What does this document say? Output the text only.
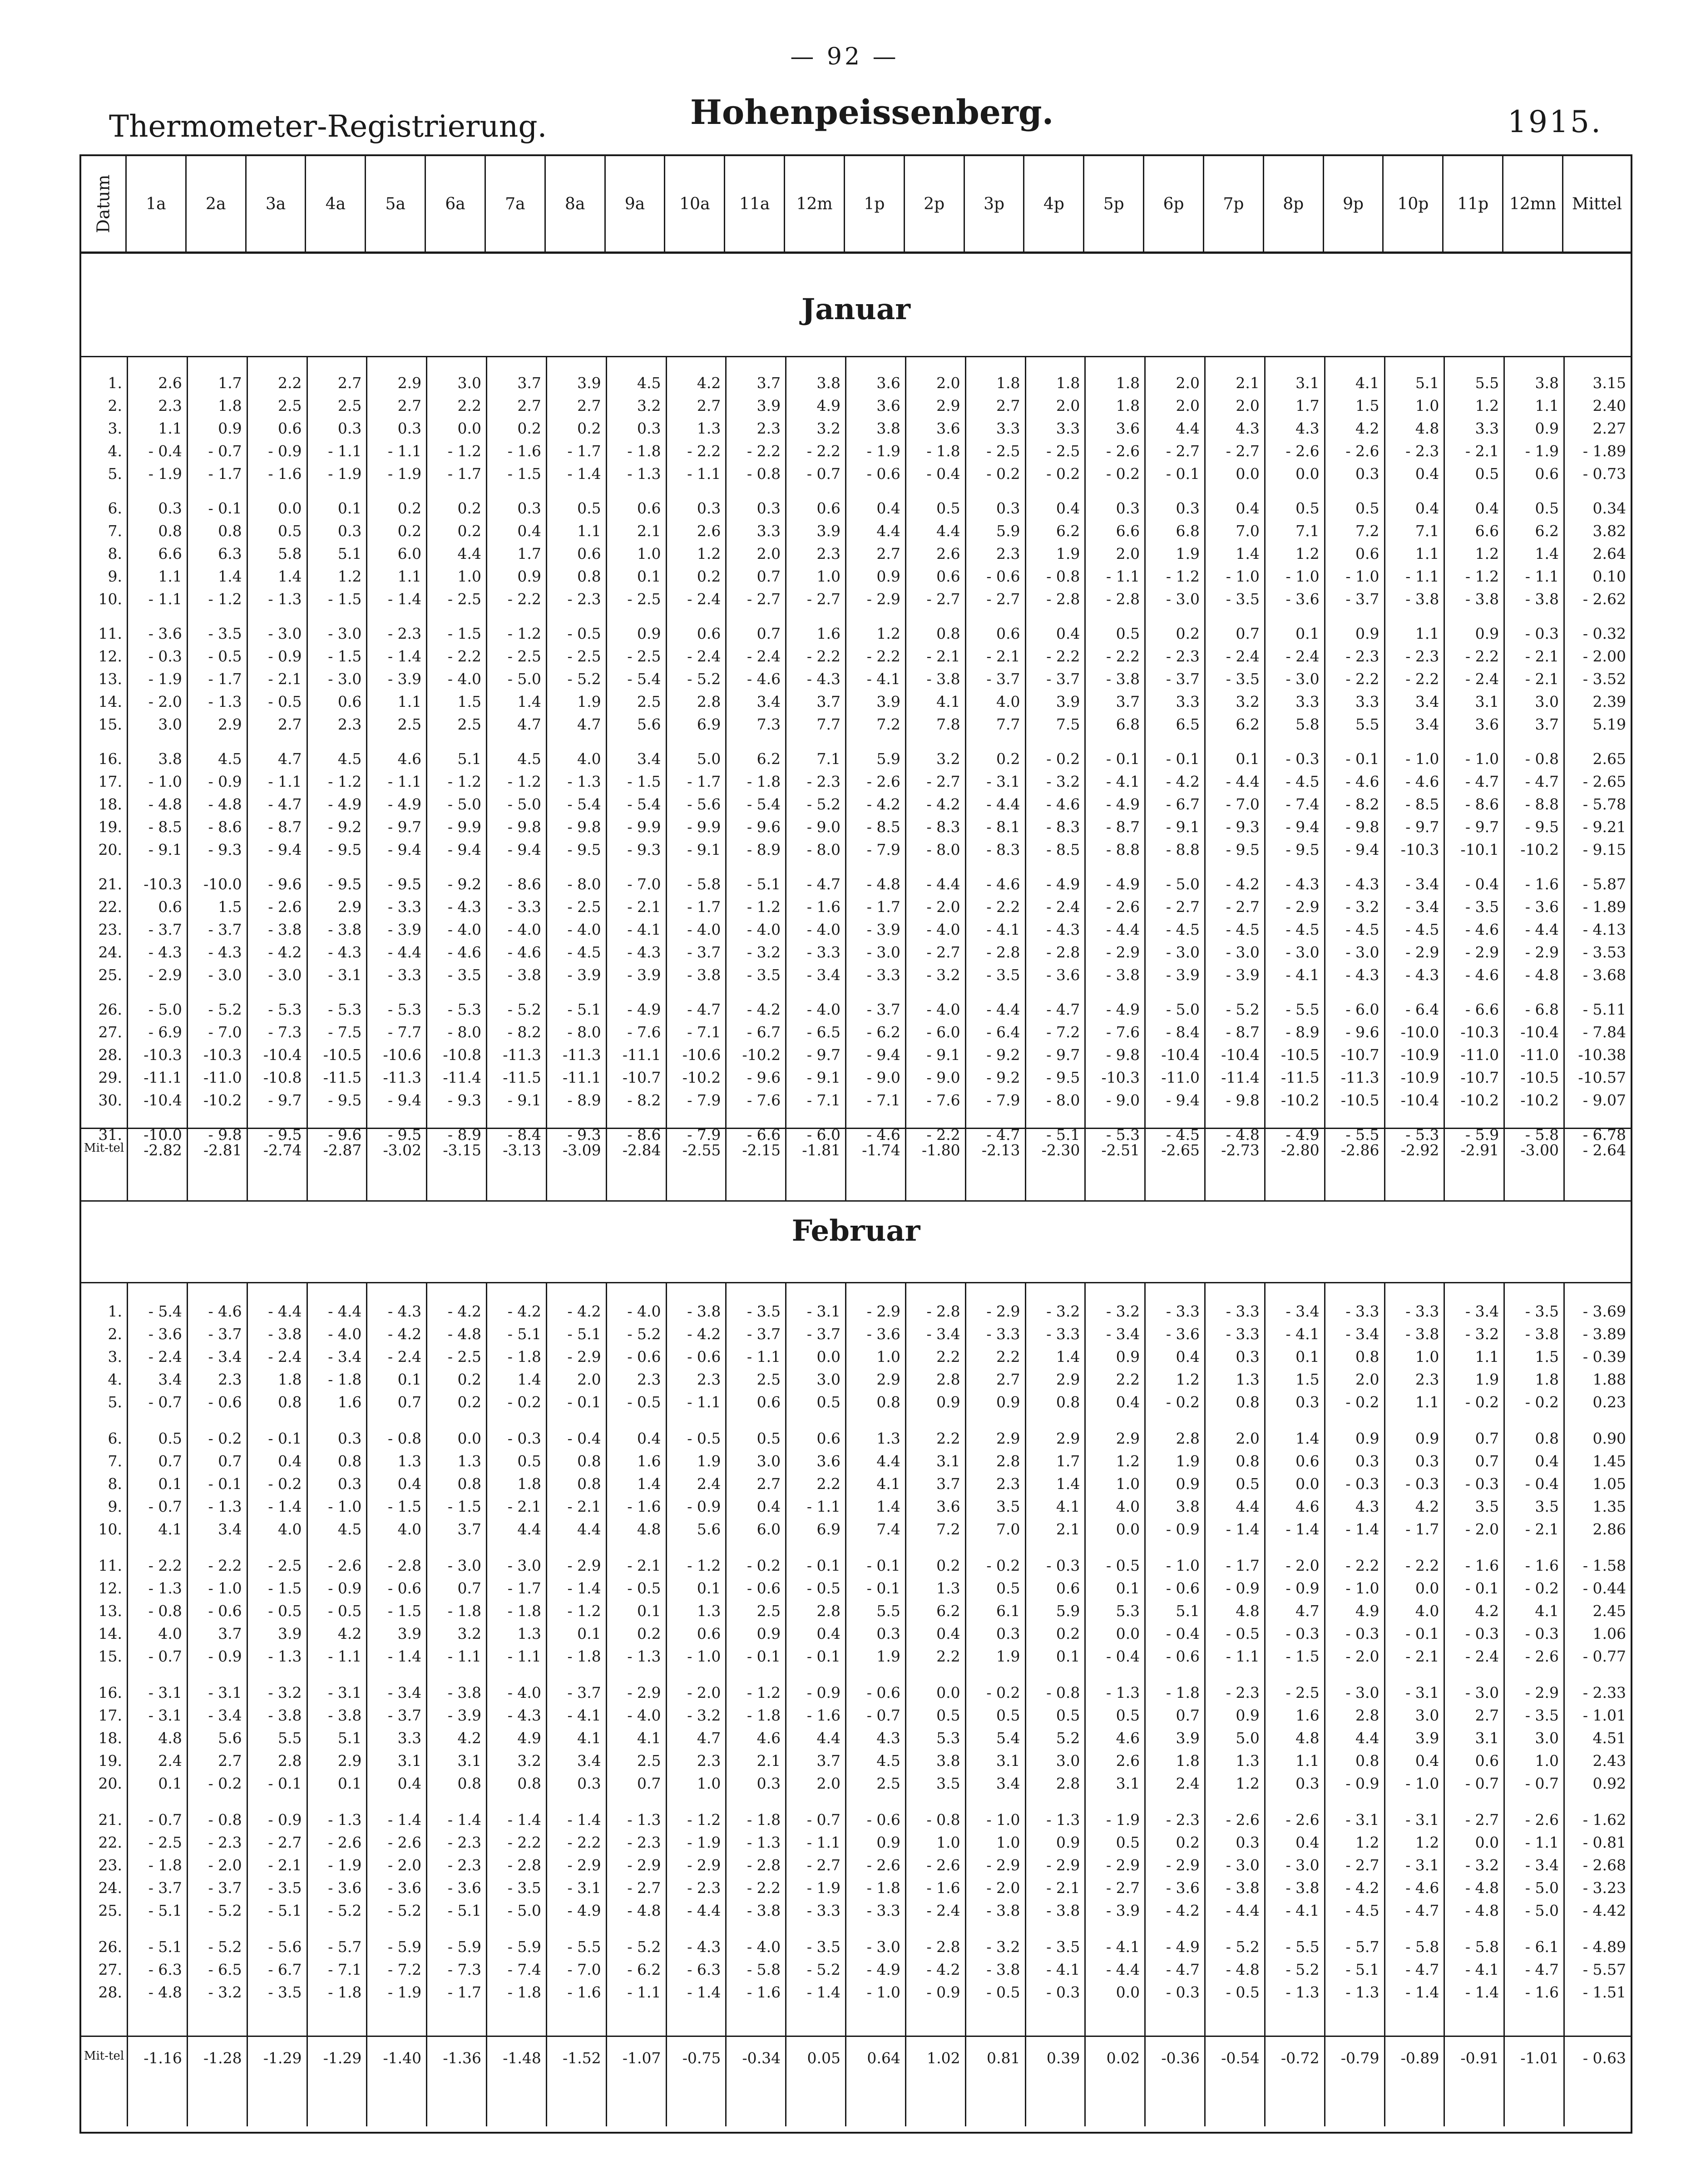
— 92 —
Thermometer-Registrierung.	Hohenpeissenberg.	1915.
Datum 1a 2a 3a 4a 5a 6a 7a 8a 9a 10a 11a 12m 1p 2p 3p 4p 5p 6p 7p 8p 9p 10p 11p 12mn Mittel
Januar
1.	2.6	1.7	2.2	2.7	2.9	3.0	3.7	3.9	4.5	4.2	3.7	3.8	3.6	2.0	1.8	1.8	1.8	2.0	2.1	3.1	4.1	5.1	5.5	3.8	3.15
2.	2.3	1.8	2.5	2.5	2.7	2.2	2.7	2.7	3.2	2.7	3.9	4.9	3.6	2.9	2.7	2.0	1.8	2.0	2.0	1.7	1.5	1.0	1.2	1.1	2.40
3.	1.1	0.9	0.6	0.3	0.3	0.0	0.2	0.2	0.3	1.3	2.3	3.2	3.8	3.6	3.3	3.3	3.6	4.4	4.3	4.3	4.2	4.8	3.3	0.9	2.27
4.	- 0.4	- 0.7	- 0.9	- 1.1	- 1.1	- 1.2	- 1.6	- 1.7	- 1.8	- 2.2	- 2.2	- 2.2	- 1.9	- 1.8	- 2.5	- 2.5	- 2.6	- 2.7	- 2.7	- 2.6	- 2.6	- 2.3	- 2.1	- 1.9	- 1.89
5.	- 1.9	- 1.7	- 1.6	- 1.9	- 1.9	- 1.7	- 1.5	- 1.4	- 1.3	- 1.1	- 0.8	- 0.7	- 0.6	- 0.4	- 0.2	- 0.2	- 0.2	- 0.1	0.0	0.0	0.3	0.4	0.5	0.6	- 0.73
6.	0.3	- 0.1	0.0	0.1	0.2	0.2	0.3	0.5	0.6	0.3	0.3	0.6	0.4	0.5	0.3	0.4	0.3	0.3	0.4	0.5	0.5	0.4	0.4	0.5	0.34
7.	0.8	0.8	0.5	0.3	0.2	0.2	0.4	1.1	2.1	2.6	3.3	3.9	4.4	4.4	5.9	6.2	6.6	6.8	7.0	7.1	7.2	7.1	6.6	6.2	3.82
8.	6.6	6.3	5.8	5.1	6.0	4.4	1.7	0.6	1.0	1.2	2.0	2.3	2.7	2.6	2.3	1.9	2.0	1.9	1.4	1.2	0.6	1.1	1.2	1.4	2.64
9.	1.1	1.4	1.4	1.2	1.1	1.0	0.9	0.8	0.1	0.2	0.7	1.0	0.9	0.6	- 0.6	- 0.8	- 1.1	- 1.2	- 1.0	- 1.0	- 1.0	- 1.1	- 1.2	- 1.1	0.10
10.	- 1.1	- 1.2	- 1.3	- 1.5	- 1.4	- 2.5	- 2.2	- 2.3	- 2.5	- 2.4	- 2.7	- 2.7	- 2.9	- 2.7	- 2.7	- 2.8	- 2.8	- 3.0	- 3.5	- 3.6	- 3.7	- 3.8	- 3.8	- 3.8	- 2.62
11.	- 3.6	- 3.5	- 3.0	- 3.0	- 2.3	- 1.5	- 1.2	- 0.5	0.9	0.6	0.7	1.6	1.2	0.8	0.6	0.4	0.5	0.2	0.7	0.1	0.9	1.1	0.9	- 0.3	- 0.32
12.	- 0.3	- 0.5	- 0.9	- 1.5	- 1.4	- 2.2	- 2.5	- 2.5	- 2.5	- 2.4	- 2.4	- 2.2	- 2.2	- 2.1	- 2.1	- 2.2	- 2.2	- 2.3	- 2.4	- 2.4	- 2.3	- 2.3	- 2.2	- 2.1	- 2.00
13.	- 1.9	- 1.7	- 2.1	- 3.0	- 3.9	- 4.0	- 5.0	- 5.2	- 5.4	- 5.2	- 4.6	- 4.3	- 4.1	- 3.8	- 3.7	- 3.7	- 3.8	- 3.7	- 3.5	- 3.0	- 2.2	- 2.2	- 2.4	- 2.1	- 3.52
14.	- 2.0	- 1.3	- 0.5	0.6	1.1	1.5	1.4	1.9	2.5	2.8	3.4	3.7	3.9	4.1	4.0	3.9	3.7	3.3	3.2	3.3	3.3	3.4	3.1	3.0	2.39
15.	3.0	2.9	2.7	2.3	2.5	2.5	4.7	4.7	5.6	6.9	7.3	7.7	7.2	7.8	7.7	7.5	6.8	6.5	6.2	5.8	5.5	3.4	3.6	3.7	5.19
16.	3.8	4.5	4.7	4.5	4.6	5.1	4.5	4.0	3.4	5.0	6.2	7.1	5.9	3.2	0.2	- 0.2	- 0.1	- 0.1	0.1	- 0.3	- 0.1	- 1.0	- 1.0	- 0.8	2.65
17.	- 1.0	- 0.9	- 1.1	- 1.2	- 1.1	- 1.2	- 1.2	- 1.3	- 1.5	- 1.7	- 1.8	- 2.3	- 2.6	- 2.7	- 3.1	- 3.2	- 4.1	- 4.2	- 4.4	- 4.5	- 4.6	- 4.6	- 4.7	- 4.7	- 2.65
18.	- 4.8	- 4.8	- 4.7	- 4.9	- 4.9	- 5.0	- 5.0	- 5.4	- 5.4	- 5.6	- 5.4	- 5.2	- 4.2	- 4.2	- 4.4	- 4.6	- 4.9	- 6.7	- 7.0	- 7.4	- 8.2	- 8.5	- 8.6	- 8.8	- 5.78
19.	- 8.5	- 8.6	- 8.7	- 9.2	- 9.7	- 9.9	- 9.8	- 9.8	- 9.9	- 9.9	- 9.6	- 9.0	- 8.5	- 8.3	- 8.1	- 8.3	- 8.7	- 9.1	- 9.3	- 9.4	- 9.8	- 9.7	- 9.7	- 9.5	- 9.21
20.	- 9.1	- 9.3	- 9.4	- 9.5	- 9.4	- 9.4	- 9.4	- 9.5	- 9.3	- 9.1	- 8.9	- 8.0	- 7.9	- 8.0	- 8.3	- 8.5	- 8.8	- 8.8	- 9.5	- 9.5	- 9.4	-10.3	-10.1	-10.2	- 9.15
21.	-10.3	-10.0	- 9.6	- 9.5	- 9.5	- 9.2	- 8.6	- 8.0	- 7.0	- 5.8	- 5.1	- 4.7	- 4.8	- 4.4	- 4.6	- 4.9	- 4.9	- 5.0	- 4.2	- 4.3	- 4.3	- 3.4	- 0.4	- 1.6	- 5.87
22.	0.6	1.5	- 2.6	2.9	- 3.3	- 4.3	- 3.3	- 2.5	- 2.1	- 1.7	- 1.2	- 1.6	- 1.7	- 2.0	- 2.2	- 2.4	- 2.6	- 2.7	- 2.7	- 2.9	- 3.2	- 3.4	- 3.5	- 3.6	- 1.89
23.	- 3.7	- 3.7	- 3.8	- 3.8	- 3.9	- 4.0	- 4.0	- 4.0	- 4.1	- 4.0	- 4.0	- 4.0	- 3.9	- 4.0	- 4.1	- 4.3	- 4.4	- 4.5	- 4.5	- 4.5	- 4.5	- 4.5	- 4.6	- 4.4	- 4.13
24.	- 4.3	- 4.3	- 4.2	- 4.3	- 4.4	- 4.6	- 4.6	- 4.5	- 4.3	- 3.7	- 3.2	- 3.3	- 3.0	- 2.7	- 2.8	- 2.8	- 2.9	- 3.0	- 3.0	- 3.0	- 3.0	- 2.9	- 2.9	- 2.9	- 3.53
25.	- 2.9	- 3.0	- 3.0	- 3.1	- 3.3	- 3.5	- 3.8	- 3.9	- 3.9	- 3.8	- 3.5	- 3.4	- 3.3	- 3.2	- 3.5	- 3.6	- 3.8	- 3.9	- 3.9	- 4.1	- 4.3	- 4.3	- 4.6	- 4.8	- 3.68
26.	- 5.0	- 5.2	- 5.3	- 5.3	- 5.3	- 5.3	- 5.2	- 5.1	- 4.9	- 4.7	- 4.2	- 4.0	- 3.7	- 4.0	- 4.4	- 4.7	- 4.9	- 5.0	- 5.2	- 5.5	- 6.0	- 6.4	- 6.6	- 6.8	- 5.11
27.	- 6.9	- 7.0	- 7.3	- 7.5	- 7.7	- 8.0	- 8.2	- 8.0	- 7.6	- 7.1	- 6.7	- 6.5	- 6.2	- 6.0	- 6.4	- 7.2	- 7.6	- 8.4	- 8.7	- 8.9	- 9.6	-10.0	-10.3	-10.4	- 7.84
28.	-10.3	-10.3	-10.4	-10.5	-10.6	-10.8	-11.3	-11.3	-11.1	-10.6	-10.2	- 9.7	- 9.4	- 9.1	- 9.2	- 9.7	- 9.8	-10.4	-10.4	-10.5	-10.7	-10.9	-11.0	-11.0	-10.38
29.	-11.1	-11.0	-10.8	-11.5	-11.3	-11.4	-11.5	-11.1	-10.7	-10.2	- 9.6	- 9.1	- 9.0	- 9.0	- 9.2	- 9.5	-10.3	-11.0	-11.4	-11.5	-11.3	-10.9	-10.7	-10.5	-10.57
30.	-10.4	-10.2	- 9.7	- 9.5	- 9.4	- 9.3	- 9.1	- 8.9	- 8.2	- 7.9	- 7.6	- 7.1	- 7.1	- 7.6	- 7.9	- 8.0	- 9.0	- 9.4	- 9.8	-10.2	-10.5	-10.4	-10.2	-10.2	- 9.07
31.	-10.0	- 9.8	- 9.5	- 9.6	- 9.5	- 8.9	- 8.4	- 9.3	- 8.6	- 7.9	- 6.6	- 6.0	- 4.6	- 2.2	- 4.7	- 5.1	- 5.3	- 4.5	- 4.8	- 4.9	- 5.5	- 5.3	- 5.9	- 5.8	- 6.78
Mit-tel	-2.82	-2.81	-2.74	-2.87	-3.02	-3.15	-3.13	-3.09	-2.84	-2.55	-2.15	-1.81	-1.74	-1.80	-2.13	-2.30	-2.51	-2.65	-2.73	-2.80	-2.86	-2.92	-2.91	-3.00	- 2.64
Februar
1.	- 5.4	- 4.6	- 4.4	- 4.4	- 4.3	- 4.2	- 4.2	- 4.2	- 4.0	- 3.8	- 3.5	- 3.1	- 2.9	- 2.8	- 2.9	- 3.2	- 3.2	- 3.3	- 3.3	- 3.4	- 3.3	- 3.3	- 3.4	- 3.5	- 3.69
2.	- 3.6	- 3.7	- 3.8	- 4.0	- 4.2	- 4.8	- 5.1	- 5.1	- 5.2	- 4.2	- 3.7	- 3.7	- 3.6	- 3.4	- 3.3	- 3.3	- 3.4	- 3.6	- 3.3	- 4.1	- 3.4	- 3.8	- 3.2	- 3.8	- 3.89
3.	- 2.4	- 3.4	- 2.4	- 3.4	- 2.4	- 2.5	- 1.8	- 2.9	- 0.6	- 0.6	- 1.1	0.0	1.0	2.2	2.2	1.4	0.9	0.4	0.3	0.1	0.8	1.0	1.1	1.5	- 0.39
4.	3.4	2.3	1.8	- 1.8	0.1	0.2	1.4	2.0	2.3	2.3	2.5	3.0	2.9	2.8	2.7	2.9	2.2	1.2	1.3	1.5	2.0	2.3	1.9	1.8	1.88
5.	- 0.7	- 0.6	0.8	1.6	0.7	0.2	- 0.2	- 0.1	- 0.5	- 1.1	0.6	0.5	0.8	0.9	0.9	0.8	0.4	- 0.2	0.8	0.3	- 0.2	1.1	- 0.2	- 0.2	0.23
6.	0.5	- 0.2	- 0.1	0.3	- 0.8	0.0	- 0.3	- 0.4	0.4	- 0.5	0.5	0.6	1.3	2.2	2.9	2.9	2.9	2.8	2.0	1.4	0.9	0.9	0.7	0.8	0.90
7.	0.7	0.7	0.4	0.8	1.3	1.3	0.5	0.8	1.6	1.9	3.0	3.6	4.4	3.1	2.8	1.7	1.2	1.9	0.8	0.6	0.3	0.3	0.7	0.4	1.45
8.	0.1	- 0.1	- 0.2	0.3	0.4	0.8	1.8	0.8	1.4	2.4	2.7	2.2	4.1	3.7	2.3	1.4	1.0	0.9	0.5	0.0	- 0.3	- 0.3	- 0.3	- 0.4	1.05
9.	- 0.7	- 1.3	- 1.4	- 1.0	- 1.5	- 1.5	- 2.1	- 2.1	- 1.6	- 0.9	0.4	- 1.1	1.4	3.6	3.5	4.1	4.0	3.8	4.4	4.6	4.3	4.2	3.5	3.5	1.35
10.	4.1	3.4	4.0	4.5	4.0	3.7	4.4	4.4	4.8	5.6	6.0	6.9	7.4	7.2	7.0	2.1	0.0	- 0.9	- 1.4	- 1.4	- 1.4	- 1.7	- 2.0	- 2.1	2.86
11.	- 2.2	- 2.2	- 2.5	- 2.6	- 2.8	- 3.0	- 3.0	- 2.9	- 2.1	- 1.2	- 0.2	- 0.1	- 0.1	0.2	- 0.2	- 0.3	- 0.5	- 1.0	- 1.7	- 2.0	- 2.2	- 2.2	- 1.6	- 1.6	- 1.58
12.	- 1.3	- 1.0	- 1.5	- 0.9	- 0.6	0.7	- 1.7	- 1.4	- 0.5	0.1	- 0.6	- 0.5	- 0.1	1.3	0.5	0.6	0.1	- 0.6	- 0.9	- 0.9	- 1.0	0.0	- 0.1	- 0.2	- 0.44
13.	- 0.8	- 0.6	- 0.5	- 0.5	- 1.5	- 1.8	- 1.8	- 1.2	0.1	1.3	2.5	2.8	5.5	6.2	6.1	5.9	5.3	5.1	4.8	4.7	4.9	4.0	4.2	4.1	2.45
14.	4.0	3.7	3.9	4.2	3.9	3.2	1.3	0.1	0.2	0.6	0.9	0.4	0.3	0.4	0.3	0.2	0.0	- 0.4	- 0.5	- 0.3	- 0.3	- 0.1	- 0.3	- 0.3	1.06
15.	- 0.7	- 0.9	- 1.3	- 1.1	- 1.4	- 1.1	- 1.1	- 1.8	- 1.3	- 1.0	- 0.1	- 0.1	1.9	2.2	1.9	0.1	- 0.4	- 0.6	- 1.1	- 1.5	- 2.0	- 2.1	- 2.4	- 2.6	- 0.77
16.	- 3.1	- 3.1	- 3.2	- 3.1	- 3.4	- 3.8	- 4.0	- 3.7	- 2.9	- 2.0	- 1.2	- 0.9	- 0.6	0.0	- 0.2	- 0.8	- 1.3	- 1.8	- 2.3	- 2.5	- 3.0	- 3.1	- 3.0	- 2.9	- 2.33
17.	- 3.1	- 3.4	- 3.8	- 3.8	- 3.7	- 3.9	- 4.3	- 4.1	- 4.0	- 3.2	- 1.8	- 1.6	- 0.7	0.5	0.5	0.5	0.5	0.7	0.9	1.6	2.8	3.0	2.7	- 3.5	- 1.01
18.	4.8	5.6	5.5	5.1	3.3	4.2	4.9	4.1	4.1	4.7	4.6	4.4	4.3	5.3	5.4	5.2	4.6	3.9	5.0	4.8	4.4	3.9	3.1	3.0	4.51
19.	2.4	2.7	2.8	2.9	3.1	3.1	3.2	3.4	2.5	2.3	2.1	3.7	4.5	3.8	3.1	3.0	2.6	1.8	1.3	1.1	0.8	0.4	0.6	1.0	2.43
20.	0.1	- 0.2	- 0.1	0.1	0.4	0.8	0.8	0.3	0.7	1.0	0.3	2.0	2.5	3.5	3.4	2.8	3.1	2.4	1.2	0.3	- 0.9	- 1.0	- 0.7	- 0.7	0.92
21.	- 0.7	- 0.8	- 0.9	- 1.3	- 1.4	- 1.4	- 1.4	- 1.4	- 1.3	- 1.2	- 1.8	- 0.7	- 0.6	- 0.8	- 1.0	- 1.3	- 1.9	- 2.3	- 2.6	- 2.6	- 3.1	- 3.1	- 2.7	- 2.6	- 1.62
22.	- 2.5	- 2.3	- 2.7	- 2.6	- 2.6	- 2.3	- 2.2	- 2.2	- 2.3	- 1.9	- 1.3	- 1.1	0.9	1.0	1.0	0.9	0.5	0.2	0.3	0.4	1.2	1.2	0.0	- 1.1	- 0.81
23.	- 1.8	- 2.0	- 2.1	- 1.9	- 2.0	- 2.3	- 2.8	- 2.9	- 2.9	- 2.9	- 2.8	- 2.7	- 2.6	- 2.6	- 2.9	- 2.9	- 2.9	- 2.9	- 3.0	- 3.0	- 2.7	- 3.1	- 3.2	- 3.4	- 2.68
24.	- 3.7	- 3.7	- 3.5	- 3.6	- 3.6	- 3.6	- 3.5	- 3.1	- 2.7	- 2.3	- 2.2	- 1.9	- 1.8	- 1.6	- 2.0	- 2.1	- 2.7	- 3.6	- 3.8	- 3.8	- 4.2	- 4.6	- 4.8	- 5.0	- 3.23
25.	- 5.1	- 5.2	- 5.1	- 5.2	- 5.2	- 5.1	- 5.0	- 4.9	- 4.8	- 4.4	- 3.8	- 3.3	- 3.3	- 2.4	- 3.8	- 3.8	- 3.9	- 4.2	- 4.4	- 4.1	- 4.5	- 4.7	- 4.8	- 5.0	- 4.42
26.	- 5.1	- 5.2	- 5.6	- 5.7	- 5.9	- 5.9	- 5.9	- 5.5	- 5.2	- 4.3	- 4.0	- 3.5	- 3.0	- 2.8	- 3.2	- 3.5	- 4.1	- 4.9	- 5.2	- 5.5	- 5.7	- 5.8	- 5.8	- 6.1	- 4.89
27.	- 6.3	- 6.5	- 6.7	- 7.1	- 7.2	- 7.3	- 7.4	- 7.0	- 6.2	- 6.3	- 5.8	- 5.2	- 4.9	- 4.2	- 3.8	- 4.1	- 4.4	- 4.7	- 4.8	- 5.2	- 5.1	- 4.7	- 4.1	- 4.7	- 5.57
28.	- 4.8	- 3.2	- 3.5	- 1.8	- 1.9	- 1.7	- 1.8	- 1.6	- 1.1	- 1.4	- 1.6	- 1.4	- 1.0	- 0.9	- 0.5	- 0.3	0.0	- 0.3	- 0.5	- 1.3	- 1.3	- 1.4	- 1.4	- 1.6	- 1.51
Mit-tel	-1.16	-1.28	-1.29	-1.29	-1.40	-1.36	-1.48	-1.52	-1.07	-0.75	-0.34	0.05	0.64	1.02	0.81	0.39	0.02	-0.36	-0.54	-0.72	-0.79	-0.89	-0.91	-1.01	- 0.63
